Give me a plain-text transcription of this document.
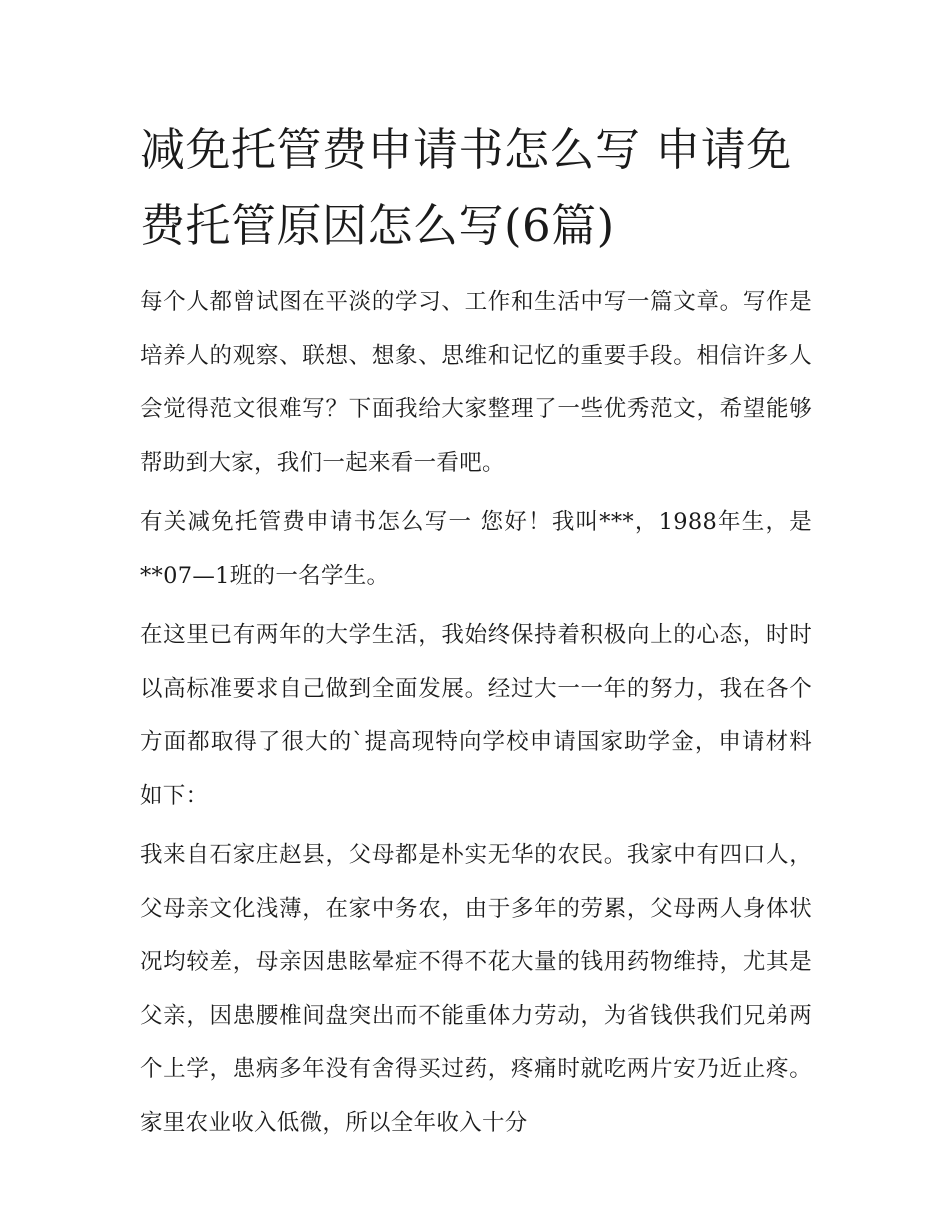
减免托管费申请书怎么写 申请免费托管原因怎么写(6篇)

每个人都曾试图在平淡的学习、工作和生活中写一篇文章。写作是培养人的观察、联想、想象、思维和记忆的重要手段。相信许多人会觉得范文很难写？下面我给大家整理了一些优秀范文，希望能够帮助到大家，我们一起来看一看吧。

有关减免托管费申请书怎么写一 您好！我叫***，1988年生，是**07—1班的一名学生。

在这里已有两年的大学生活，我始终保持着积极向上的心态，时时以高标准要求自己做到全面发展。经过大一一年的努力，我在各个方面都取得了很大的`提高现特向学校申请国家助学金，申请材料如下：

我来自石家庄赵县，父母都是朴实无华的农民。我家中有四口人，父母亲文化浅薄，在家中务农，由于多年的劳累，父母两人身体状况均较差，母亲因患眩晕症不得不花大量的钱用药物维持，尤其是父亲，因患腰椎间盘突出而不能重体力劳动，为省钱供我们兄弟两个上学，患病多年没有舍得买过药，疼痛时就吃两片安乃近止疼。家里农业收入低微，所以全年收入十分
